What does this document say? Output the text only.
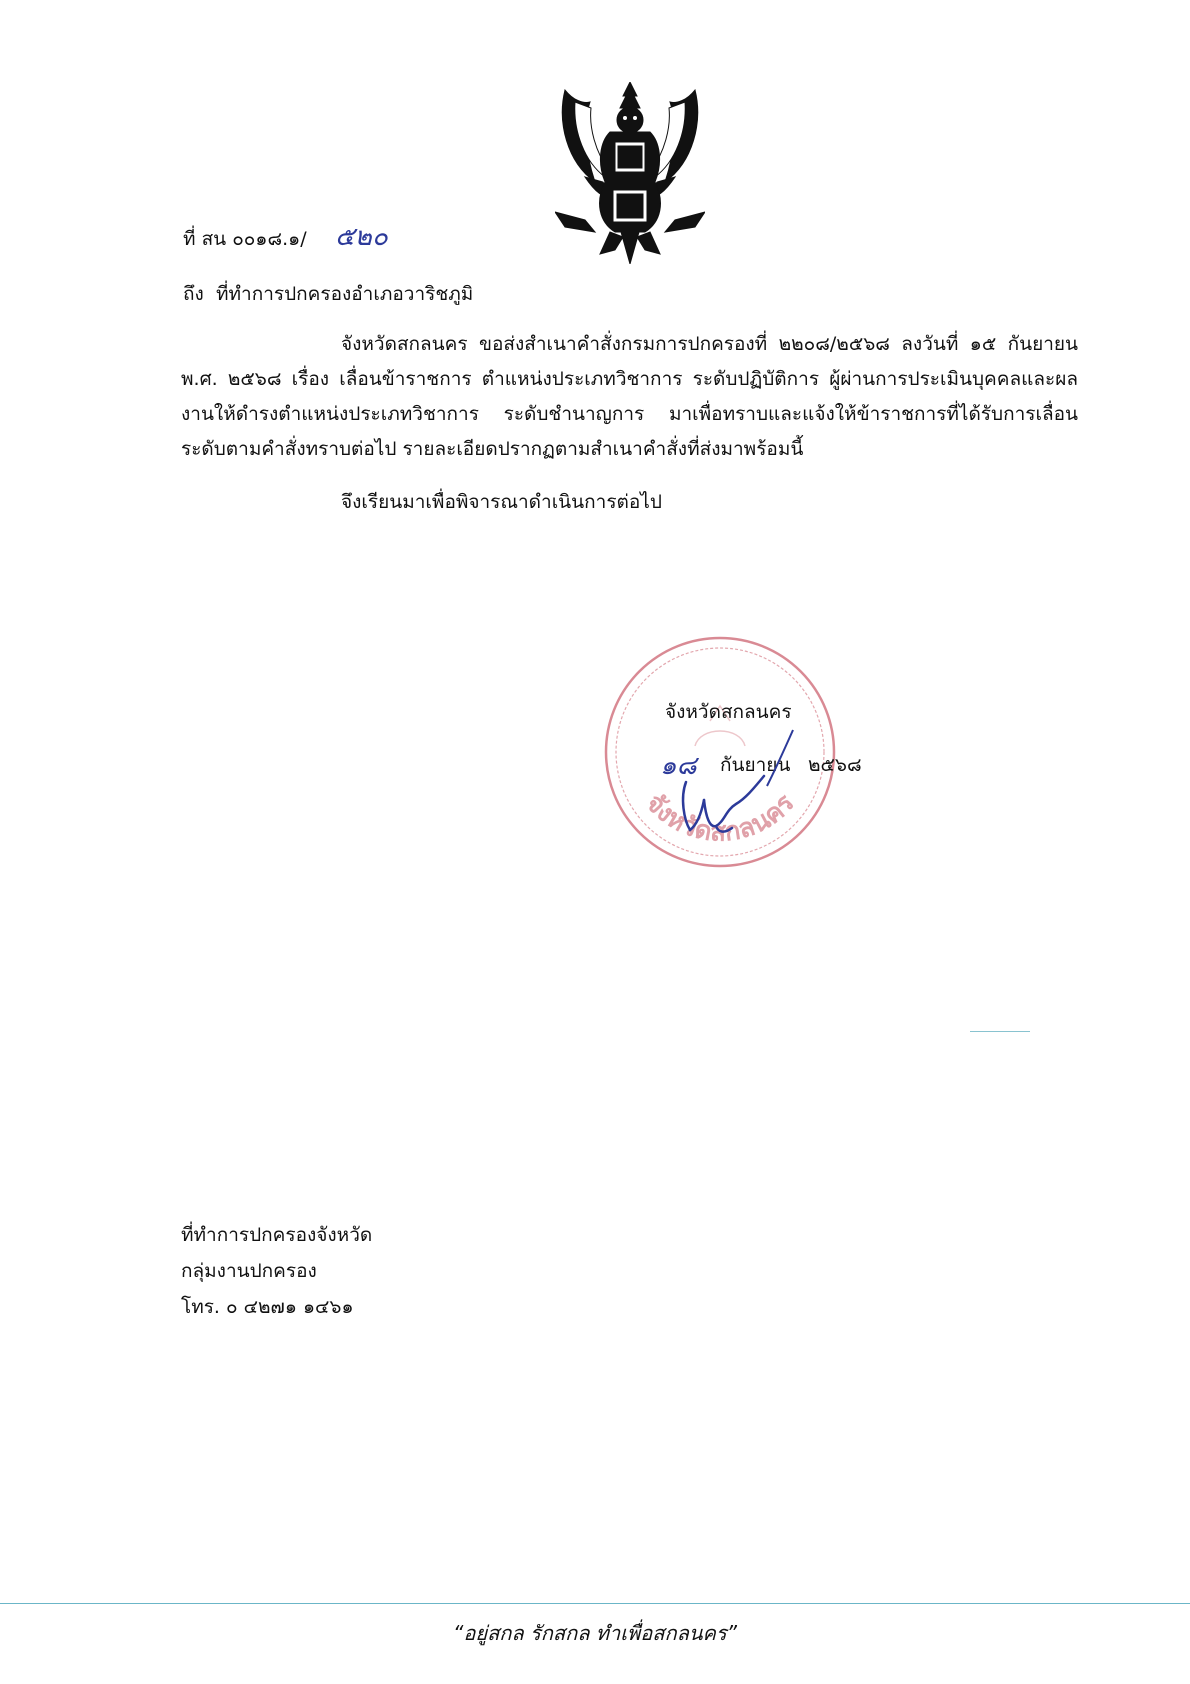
ที่ สน ๐๐๑๘.๑/ ๕๒๐
ถึง ที่ทำการปกครองอำเภอวาริชภูมิ
จังหวัดสกลนคร ขอส่งสำเนาคำสั่งกรมการปกครองที่ ๒๒๐๘/๒๕๖๘ ลงวันที่ ๑๕ กันยายน พ.ศ. ๒๕๖๘ เรื่อง เลื่อนข้าราชการ ตำแหน่งประเภทวิชาการ ระดับปฏิบัติการ ผู้ผ่านการประเมินบุคคลและผลงานให้ดำรงตำแหน่งประเภทวิชาการ ระดับชำนาญการ มาเพื่อทราบและแจ้งให้ข้าราชการที่ได้รับการเลื่อนระดับตามคำสั่งทราบต่อไป รายละเอียดปรากฏตามสำเนาคำสั่งที่ส่งมาพร้อมนี้
จึงเรียนมาเพื่อพิจารณาดำเนินการต่อไป
จังหวัดสกลนคร
จังหวัดสกลนคร
๑๘ กันยายน ๒๕๖๘
ที่ทำการปกครองจังหวัด
กลุ่มงานปกครอง
โทร. ๐ ๔๒๗๑ ๑๔๖๑
“อยู่สกล รักสกล ทำเพื่อสกลนคร”
